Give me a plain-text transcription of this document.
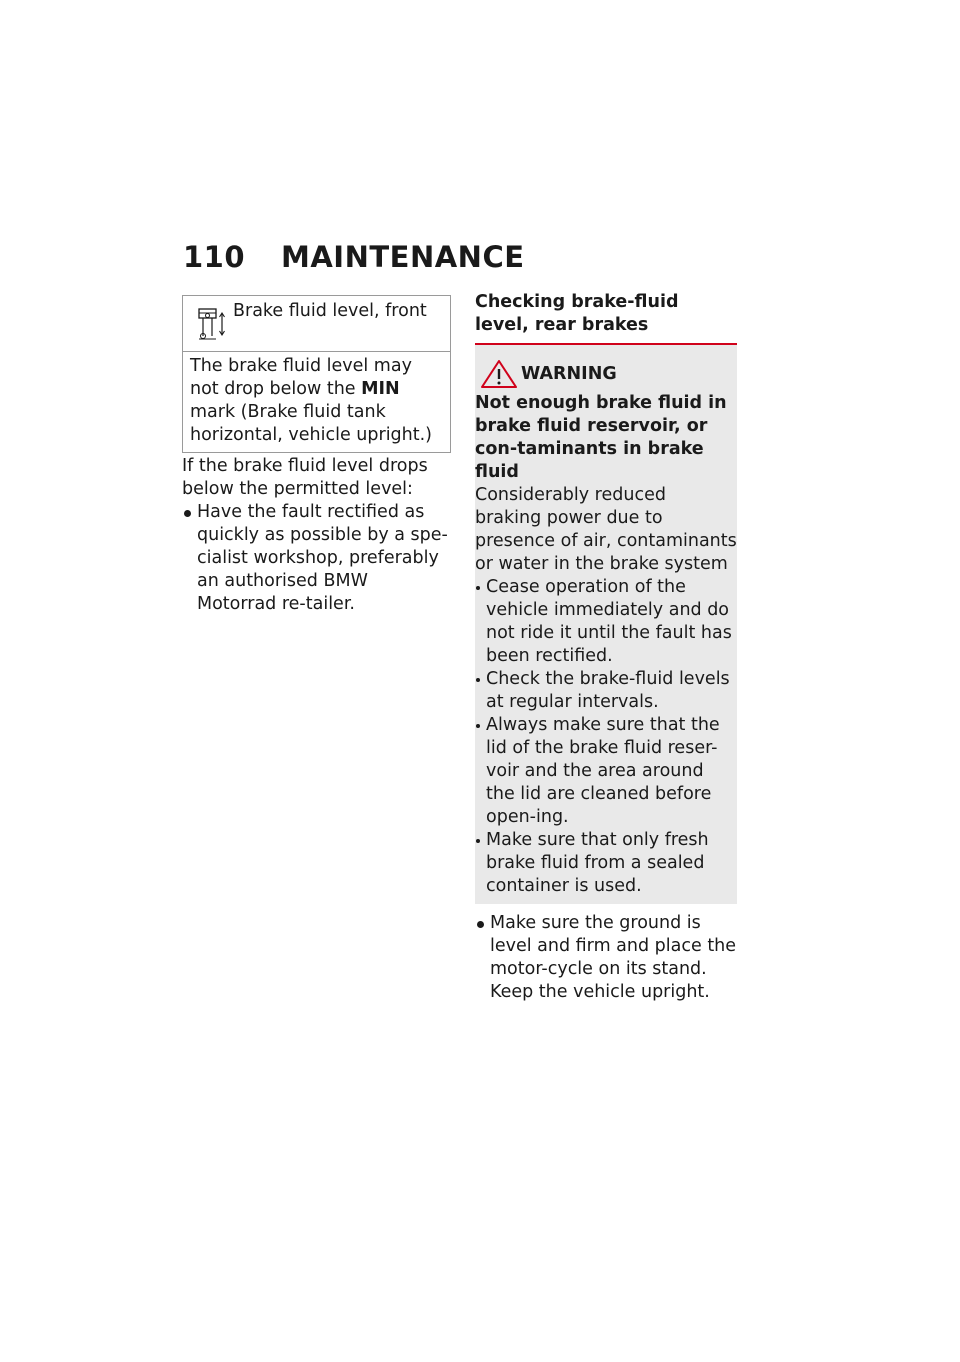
110 MAINTENANCE
Brake fluid level, front
The brake fluid level may not drop below the MIN mark (Brake fluid tank horizontal, vehicle upright.)

If the brake fluid level drops below the permitted level:

Have the fault rectified as quickly as possible by a spe-cialist workshop, preferably an authorised BMW Motorrad re-tailer.
Checking brake-fluid level, rear brakes
WARNING
Not enough brake fluid in brake fluid reservoir, or con-taminants in brake fluid
Considerably reduced braking power due to presence of air, contaminants or water in the brake system
Cease operation of the vehicle immediately and do not ride it until the fault has been rectified.
Check the brake-fluid levels at regular intervals.
Always make sure that the lid of the brake fluid reser-voir and the area around the lid are cleaned before open-ing.
Make sure that only fresh brake fluid from a sealed container is used.
Make sure the ground is level and firm and place the motor-cycle on its stand. Keep the vehicle upright.
